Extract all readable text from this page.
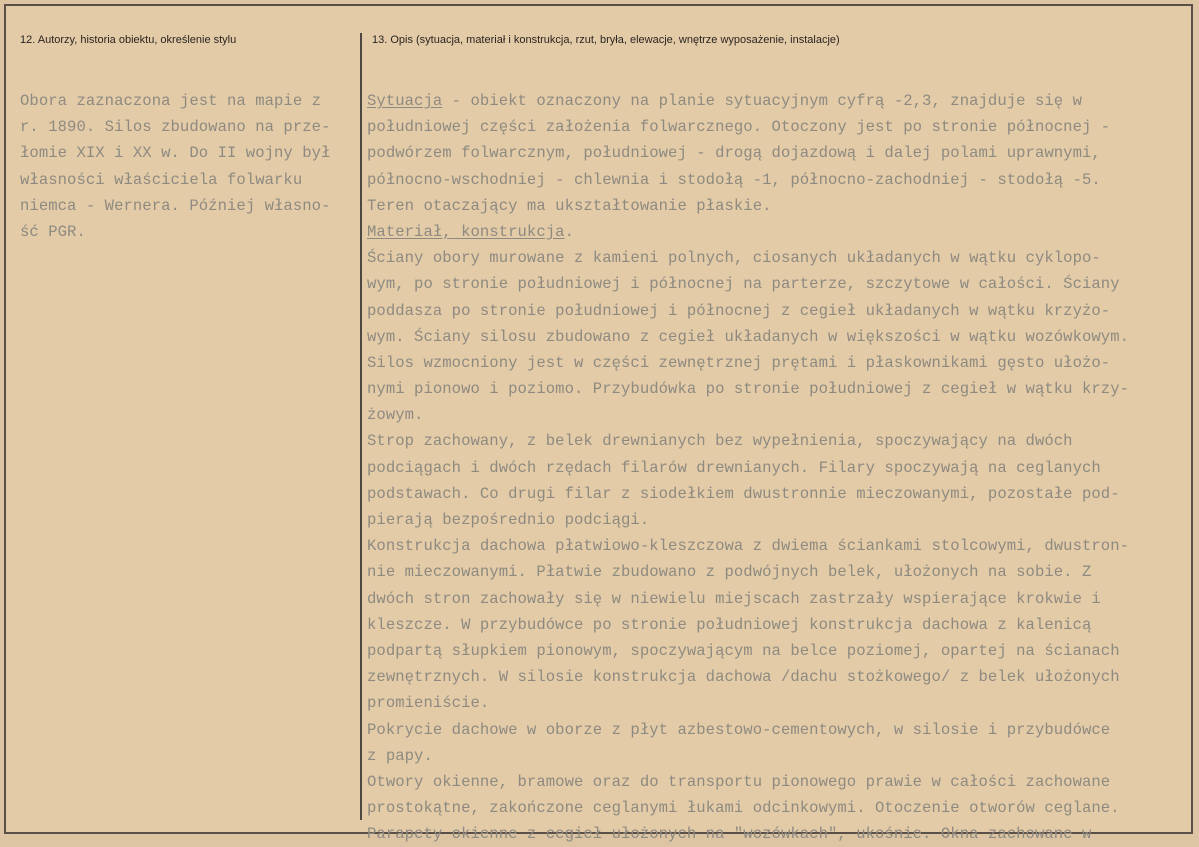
12. Autorzy, historia obiektu, określenie stylu	13. Opis (sytuacja, materiał i konstrukcja, rzut, bryła, elewacje, wnętrze wyposażenie, instalacje)
Obora zaznaczona jest na mapie z
r. 1890. Silos zbudowano na prze-
łomie XIX i XX w. Do II wojny był
własności właściciela folwarku
niemca - Wernera. Później własno-
ść PGR.
Sytuacja - obiekt oznaczony na planie sytuacyjnym cyfrą -2,3, znajduje się w
południowej części założenia folwarcznego. Otoczony jest po stronie północnej -
podwórzem folwarcznym, południowej - drogą dojazdową i dalej polami uprawnymi,
północno-wschodniej - chlewnia i stodołą -1, północno-zachodniej - stodołą -5.
Teren otaczający ma ukształtowanie płaskie.
Materiał, konstrukcja.
Ściany obory murowane z kamieni polnych, ciosanych układanych w wątku cyklopo-
wym, po stronie południowej i północnej na parterze, szczytowe w całości. Ściany
poddasza po stronie południowej i północnej z cegieł układanych w wątku krzyżo-
wym. Ściany silosu zbudowano z cegieł układanych w większości w wątku wozówkowym.
Silos wzmocniony jest w części zewnętrznej prętami i płaskownikami gęsto ułożo-
nymi pionowo i poziomo. Przybudówka po stronie południowej z cegieł w wątku krzy-
żowym.
Strop zachowany, z belek drewnianych bez wypełnienia, spoczywający na dwóch
podciągach i dwóch rzędach filarów drewnianych. Filary spoczywają na ceglanych
podstawach. Co drugi filar z siodełkiem dwustronnie mieczowanymi, pozostałe pod-
pierają bezpośrednio podciągi.
Konstrukcja dachowa płatwiowo-kleszczowa z dwiema ściankami stolcowymi, dwustron-
nie mieczowanymi. Płatwie zbudowano z podwójnych belek, ułożonych na sobie. Z
dwóch stron zachowały się w niewielu miejscach zastrzały wspierające krokwie i
kleszcze. W przybudówce po stronie południowej konstrukcja dachowa z kalenicą
podpartą słupkiem pionowym, spoczywającym na belce poziomej, opartej na ścianach
zewnętrznych. W silosie konstrukcja dachowa /dachu stożkowego/ z belek ułożonych
promieniście.
Pokrycie dachowe w oborze z płyt azbestowo-cementowych, w silosie i przybudówce
z papy.
Otwory okienne, bramowe oraz do transportu pionowego prawie w całości zachowane
prostokątne, zakończone ceglanymi łukami odcinkowymi. Otoczenie otworów ceglane.
Parapety okienne z cegieł ułożonych na "wozówkach", ukośnie. Okna zachowane w
